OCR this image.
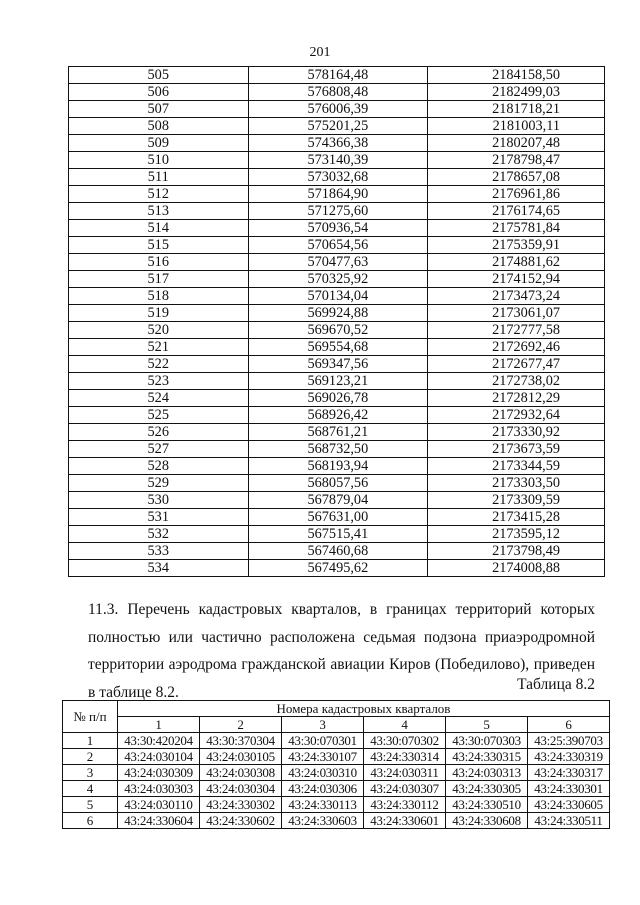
201
505	578164,48	2184158,50
506	576808,48	2182499,03
507	576006,39	2181718,21
508	575201,25	2181003,11
509	574366,38	2180207,48
510	573140,39	2178798,47
511	573032,68	2178657,08
512	571864,90	2176961,86
513	571275,60	2176174,65
514	570936,54	2175781,84
515	570654,56	2175359,91
516	570477,63	2174881,62
517	570325,92	2174152,94
518	570134,04	2173473,24
519	569924,88	2173061,07
520	569670,52	2172777,58
521	569554,68	2172692,46
522	569347,56	2172677,47
523	569123,21	2172738,02
524	569026,78	2172812,29
525	568926,42	2172932,64
526	568761,21	2173330,92
527	568732,50	2173673,59
528	568193,94	2173344,59
529	568057,56	2173303,50
530	567879,04	2173309,59
531	567631,00	2173415,28
532	567515,41	2173595,12
533	567460,68	2173798,49
534	567495,62	2174008,88

11.3. Перечень кадастровых кварталов, в границах территорий которых полностью или частично расположена седьмая подзона приаэродромной территории аэродрома гражданской авиации Киров (Победилово), приведен в таблице 8.2.	Таблица 8.2
№ п/п	Номера кадастровых кварталов					
	1	2	3	4	5	6
1	43:30:420204	43:30:370304	43:30:070301	43:30:070302	43:30:070303	43:25:390703
2	43:24:030104	43:24:030105	43:24:330107	43:24:330314	43:24:330315	43:24:330319
3	43:24:030309	43:24:030308	43:24:030310	43:24:030311	43:24:030313	43:24:330317
4	43:24:030303	43:24:030304	43:24:030306	43:24:030307	43:24:330305	43:24:330301
5	43:24:030110	43:24:330302	43:24:330113	43:24:330112	43:24:330510	43:24:330605
6	43:24:330604	43:24:330602	43:24:330603	43:24:330601	43:24:330608	43:24:330511
